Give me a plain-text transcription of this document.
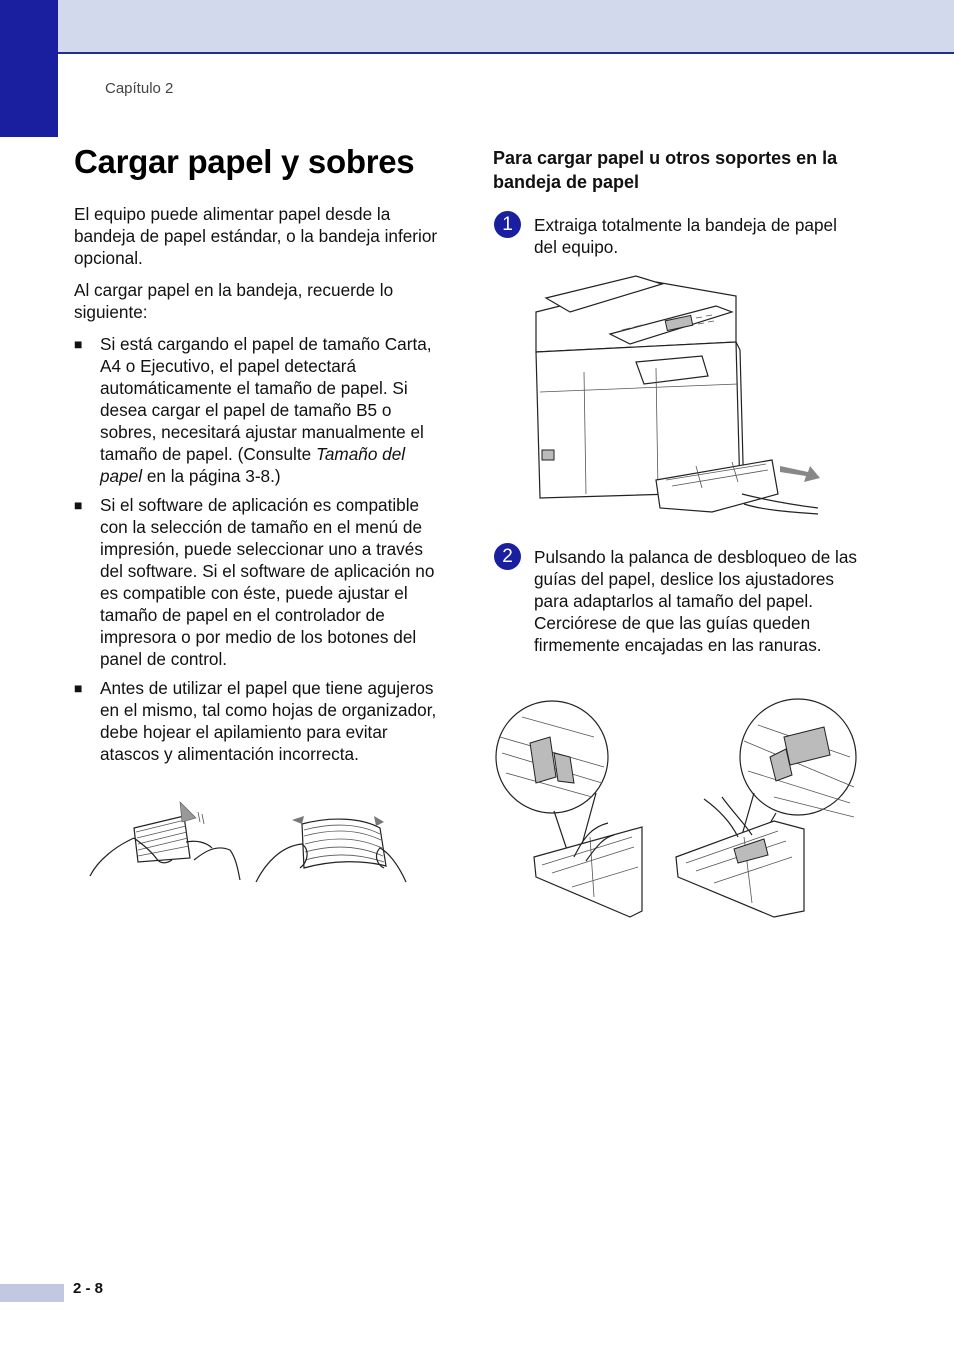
Capítulo 2
Cargar papel y sobres
El equipo puede alimentar papel desde la bandeja de papel estándar, o la bandeja inferior opcional.
Al cargar papel en la bandeja, recuerde lo siguiente:
■ Si está cargando el papel de tamaño Carta, A4 o Ejecutivo, el papel detectará automáticamente el tamaño de papel. Si desea cargar el papel de tamaño B5 o sobres, necesitará ajustar manualmente el tamaño de papel. (Consulte Tamaño del papel en la página 3-8.)
■ Si el software de aplicación es compatible con la selección de tamaño en el menú de impresión, puede seleccionar uno a través del software. Si el software de aplicación no es compatible con éste, puede ajustar el tamaño de papel en el controlador de impresora o por medio de los botones del panel de control.
■ Antes de utilizar el papel que tiene agujeros en el mismo, tal como hojas de organizador, debe hojear el apilamiento para evitar atascos y alimentación incorrecta.
Para cargar papel u otros soportes en la bandeja de papel
1	Extraiga totalmente la bandeja de papel del equipo.
2	Pulsando la palanca de desbloqueo de las guías del papel, deslice los ajustadores para adaptarlos al tamaño del papel. Cerciórese de que las guías queden firmemente encajadas en las ranuras.
2 - 8
